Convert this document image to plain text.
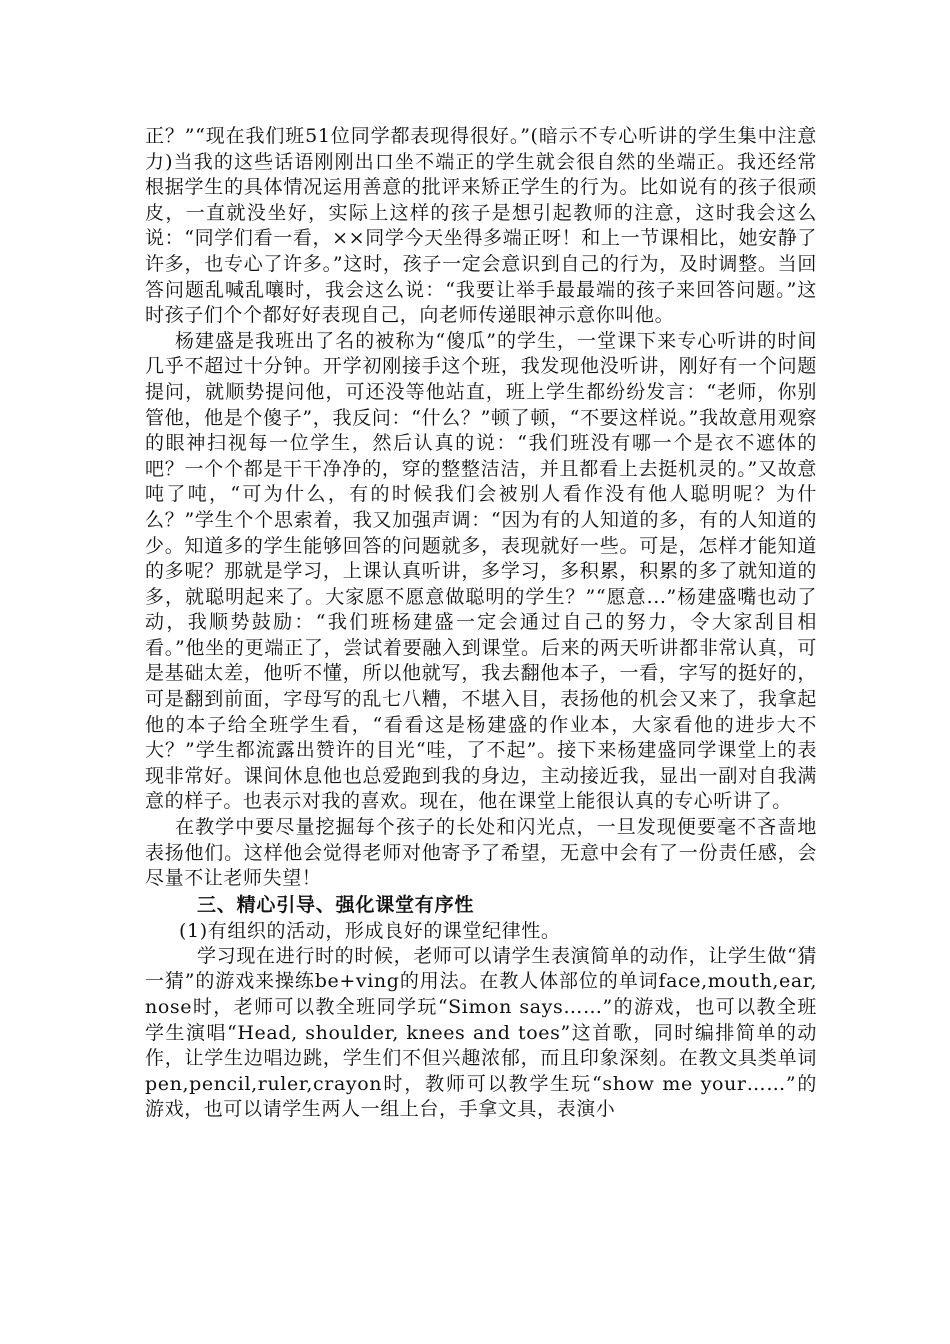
正？”“现在我们班51位同学都表现得很好。”(暗示不专心听讲的学生集中注意力)当我的这些话语刚刚出口坐不端正的学生就会很自然的坐端正。我还经常根据学生的具体情况运用善意的批评来矫正学生的行为。比如说有的孩子很顽皮，一直就没坐好，实际上这样的孩子是想引起教师的注意，这时我会这么说：“同学们看一看，××同学今天坐得多端正呀！和上一节课相比，她安静了许多，也专心了许多。”这时，孩子一定会意识到自己的行为，及时调整。当回答问题乱喊乱嚷时，我会这么说：“我要让举手最最端的孩子来回答问题。”这时孩子们个个都好好表现自己，向老师传递眼神示意你叫他。

杨建盛是我班出了名的被称为“傻瓜”的学生，一堂课下来专心听讲的时间几乎不超过十分钟。开学初刚接手这个班，我发现他没听讲，刚好有一个问题提问，就顺势提问他，可还没等他站直，班上学生都纷纷发言：“老师，你别管他，他是个傻子”，我反问：“什么？”顿了顿，“不要这样说。”我故意用观察的眼神扫视每一位学生，然后认真的说：“我们班没有哪一个是衣不遮体的吧？一个个都是干干净净的，穿的整整洁洁，并且都看上去挺机灵的。”又故意吨了吨，“可为什么，有的时候我们会被别人看作没有他人聪明呢？为什么？”学生个个思索着，我又加强声调：“因为有的人知道的多，有的人知道的少。知道多的学生能够回答的问题就多，表现就好一些。可是，怎样才能知道的多呢？那就是学习，上课认真听讲，多学习，多积累，积累的多了就知道的多，就聪明起来了。大家愿不愿意做聪明的学生？”“愿意...”杨建盛嘴也动了动，我顺势鼓励：“我们班杨建盛一定会通过自己的努力，令大家刮目相看。”他坐的更端正了，尝试着要融入到课堂。后来的两天听讲都非常认真，可是基础太差，他听不懂，所以他就写，我去翻他本子，一看，字写的挺好的，可是翻到前面，字母写的乱七八糟，不堪入目，表扬他的机会又来了，我拿起他的本子给全班学生看，“看看这是杨建盛的作业本，大家看他的进步大不大？”学生都流露出赞许的目光“哇，了不起”。接下来杨建盛同学课堂上的表现非常好。课间休息他也总爱跑到我的身边，主动接近我，显出一副对自我满意的样子。也表示对我的喜欢。现在，他在课堂上能很认真的专心听讲了。

在教学中要尽量挖掘每个孩子的长处和闪光点，一旦发现便要毫不吝啬地表扬他们。这样他会觉得老师对他寄予了希望，无意中会有了一份责任感，会尽量不让老师失望！

三、精心引导、强化课堂有序性

(1)有组织的活动，形成良好的课堂纪律性。

学习现在进行时的时候，老师可以请学生表演简单的动作，让学生做“猜一猜”的游戏来操练be+ving的用法。在教人体部位的单词face,mouth,ear,nose时，老师可以教全班同学玩“Simon says……”的游戏，也可以教全班学生演唱“Head, shoulder, knees and toes”这首歌，同时编排简单的动作，让学生边唱边跳，学生们不但兴趣浓郁，而且印象深刻。在教文具类单词pen,pencil,ruler,crayon时，教师可以教学生玩“show me your……”的游戏，也可以请学生两人一组上台，手拿文具，表演小
